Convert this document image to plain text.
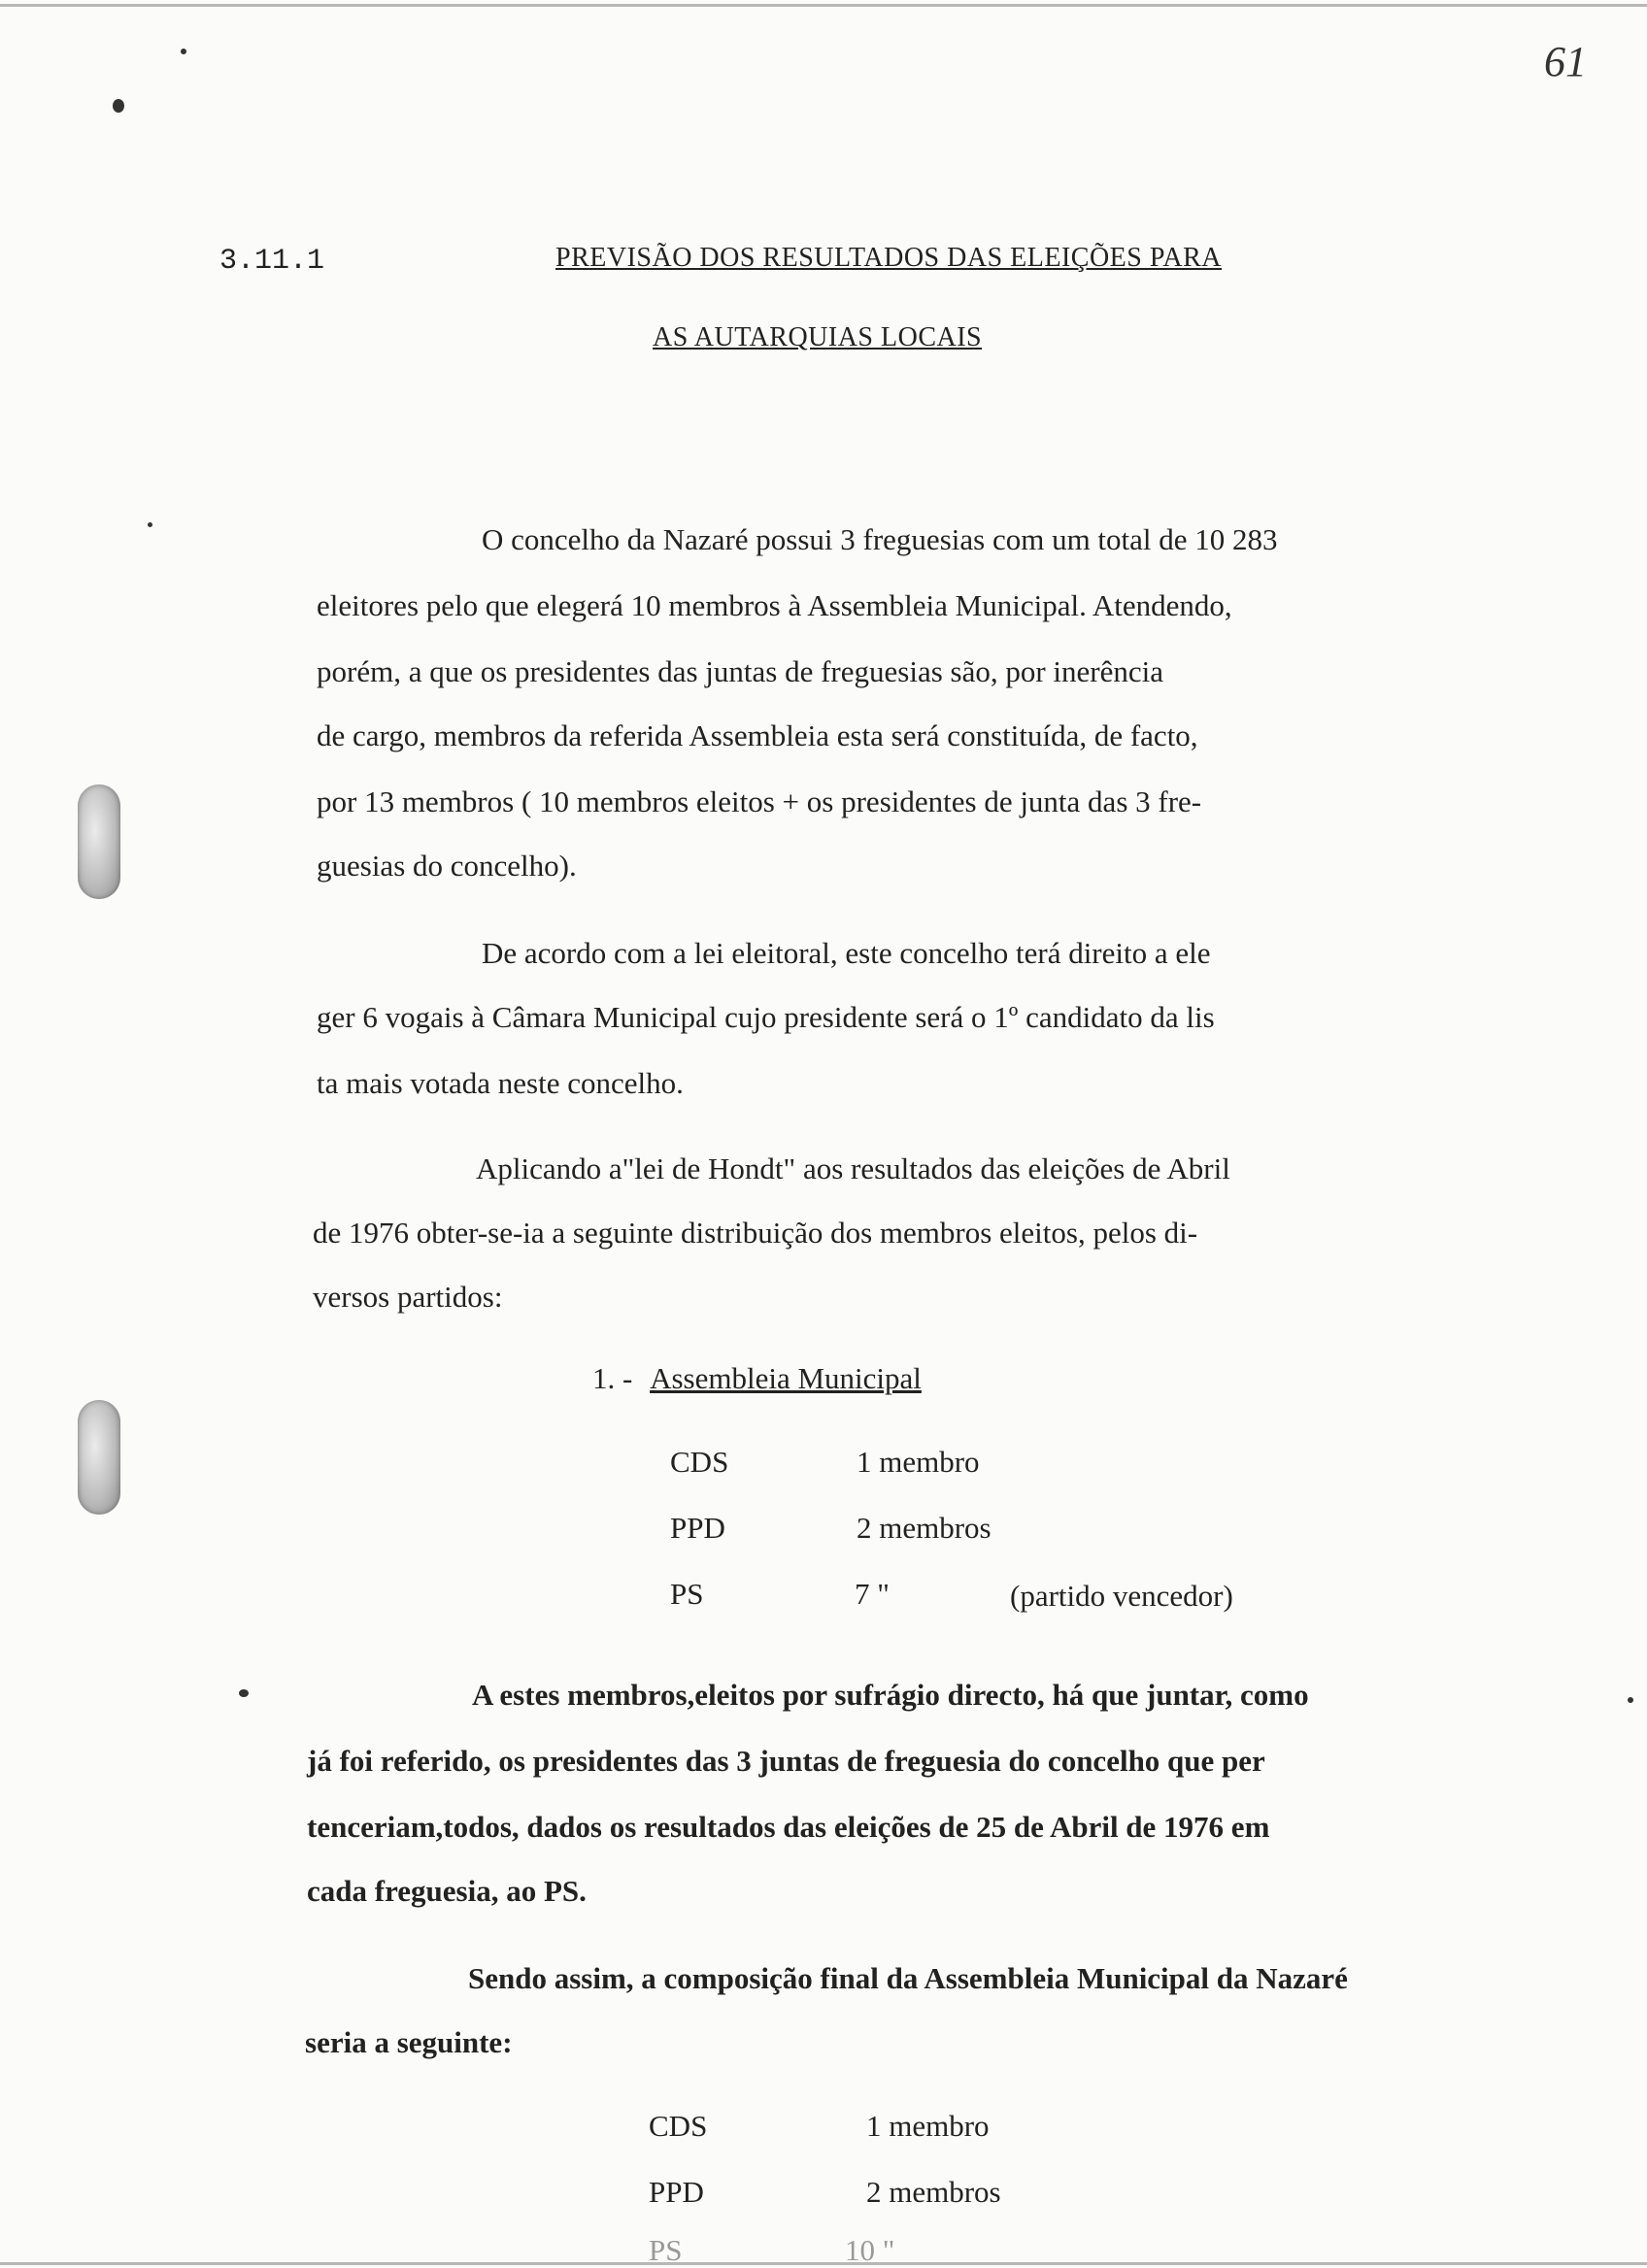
61
3.11.1	PREVISÃO DOS RESULTADOS DAS ELEIÇÕES PARA
AS AUTARQUIAS LOCAIS
O concelho da Nazaré possui 3 freguesias com um total de 10 283
eleitores pelo que elegerá 10 membros à Assembleia Municipal. Atendendo,
porém, a que os presidentes das juntas de freguesias são, por inerência
de cargo, membros da referida Assembleia esta será constituída, de facto,
por 13 membros ( 10 membros eleitos + os presidentes de junta das 3 fre-
guesias do concelho).
De acordo com a lei eleitoral, este concelho terá direito a ele
ger 6 vogais à Câmara Municipal cujo presidente será o 1º candidato da lis
ta mais votada neste concelho.
Aplicando a"lei de Hondt" aos resultados das eleições de Abril
de 1976 obter-se-ia a seguinte distribuição dos membros eleitos, pelos di-
versos partidos:
1. - Assembleia Municipal
CDS	1 membro
PPD	2 membros
PS	7 "	(partido vencedor)
A estes membros,eleitos por sufrágio directo, há que juntar, como
já foi referido, os presidentes das 3 juntas de freguesia do concelho que per
tenceriam,todos, dados os resultados das eleições de 25 de Abril de 1976 em
cada freguesia, ao PS.
Sendo assim, a composição final da Assembleia Municipal da Nazaré
seria a seguinte:
CDS	1 membro
PPD	2 membros
PS	10 "
